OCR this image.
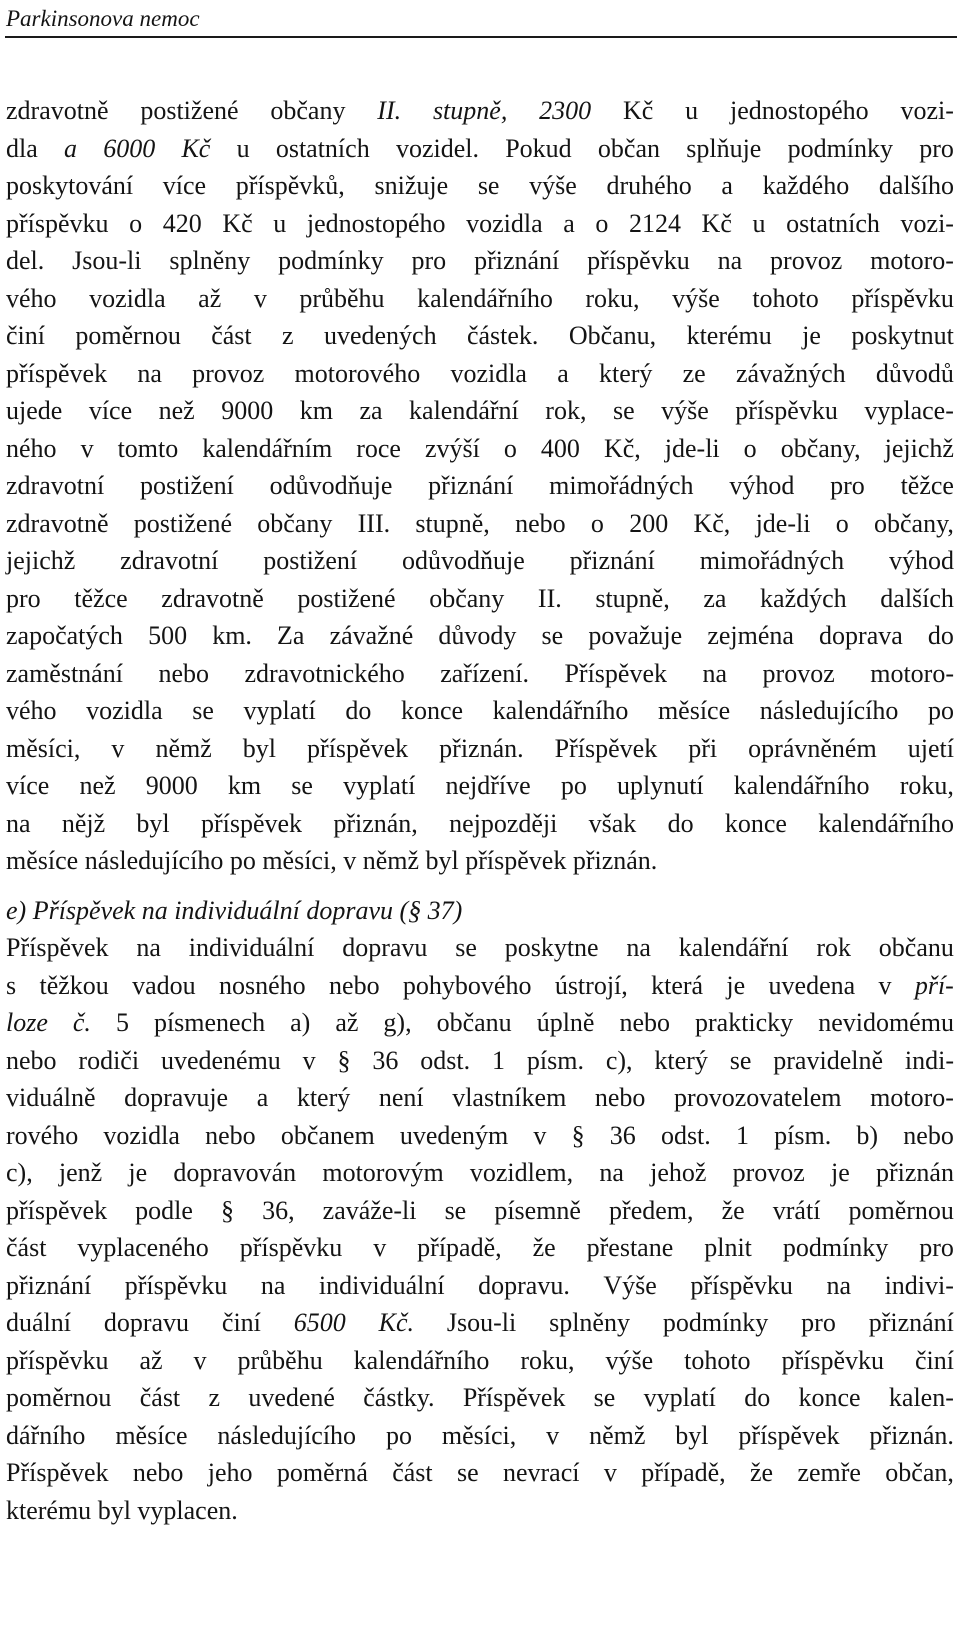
Parkinsonova nemoc
zdravotně postižené občany II. stupně, 2300 Kč u jednostopého vozi-
dla a 6000 Kč u ostatních vozidel. Pokud občan splňuje podmínky pro
poskytování více příspěvků, snižuje se výše druhého a každého dalšího
příspěvku o 420 Kč u jednostopého vozidla a o 2124 Kč u ostatních vozi-
del. Jsou-li splněny podmínky pro přiznání příspěvku na provoz motoro-
vého vozidla až v průběhu kalendářního roku, výše tohoto příspěvku
činí poměrnou část z uvedených částek. Občanu, kterému je poskytnut
příspěvek na provoz motorového vozidla a který ze závažných důvodů
ujede více než 9000 km za kalendářní rok, se výše příspěvku vyplace-
ného v tomto kalendářním roce zvýší o 400 Kč, jde-li o občany, jejichž
zdravotní postižení odůvodňuje přiznání mimořádných výhod pro těžce
zdravotně postižené občany III. stupně, nebo o 200 Kč, jde-li o občany,
jejichž zdravotní postižení odůvodňuje přiznání mimořádných výhod
pro těžce zdravotně postižené občany II. stupně, za každých dalších
započatých 500 km. Za závažné důvody se považuje zejména doprava do
zaměstnání nebo zdravotnického zařízení. Příspěvek na provoz motoro-
vého vozidla se vyplatí do konce kalendářního měsíce následujícího po
měsíci, v němž byl příspěvek přiznán. Příspěvek při oprávněném ujetí
více než 9000 km se vyplatí nejdříve po uplynutí kalendářního roku,
na nějž byl příspěvek přiznán, nejpozději však do konce kalendářního
měsíce následujícího po měsíci, v němž byl příspěvek přiznán.
e) Příspěvek na individuální dopravu (§ 37)
Příspěvek na individuální dopravu se poskytne na kalendářní rok občanu
s těžkou vadou nosného nebo pohybového ústrojí, která je uvedena v pří-
loze č. 5 písmenech a) až g), občanu úplně nebo prakticky nevidomému
nebo rodiči uvedenému v § 36 odst. 1 písm. c), který se pravidelně indi-
viduálně dopravuje a který není vlastníkem nebo provozovatelem motoro-
rového vozidla nebo občanem uvedeným v § 36 odst. 1 písm. b) nebo
c), jenž je dopravován motorovým vozidlem, na jehož provoz je přiznán
příspěvek podle § 36, zaváže-li se písemně předem, že vrátí poměrnou
část vyplaceného příspěvku v případě, že přestane plnit podmínky pro
přiznání příspěvku na individuální dopravu. Výše příspěvku na indivi-
duální dopravu činí 6500 Kč. Jsou-li splněny podmínky pro přiznání
příspěvku až v průběhu kalendářního roku, výše tohoto příspěvku činí
poměrnou část z uvedené částky. Příspěvek se vyplatí do konce kalen-
dářního měsíce následujícího po měsíci, v němž byl příspěvek přiznán.
Příspěvek nebo jeho poměrná část se nevrací v případě, že zemře občan,
kterému byl vyplacen.
